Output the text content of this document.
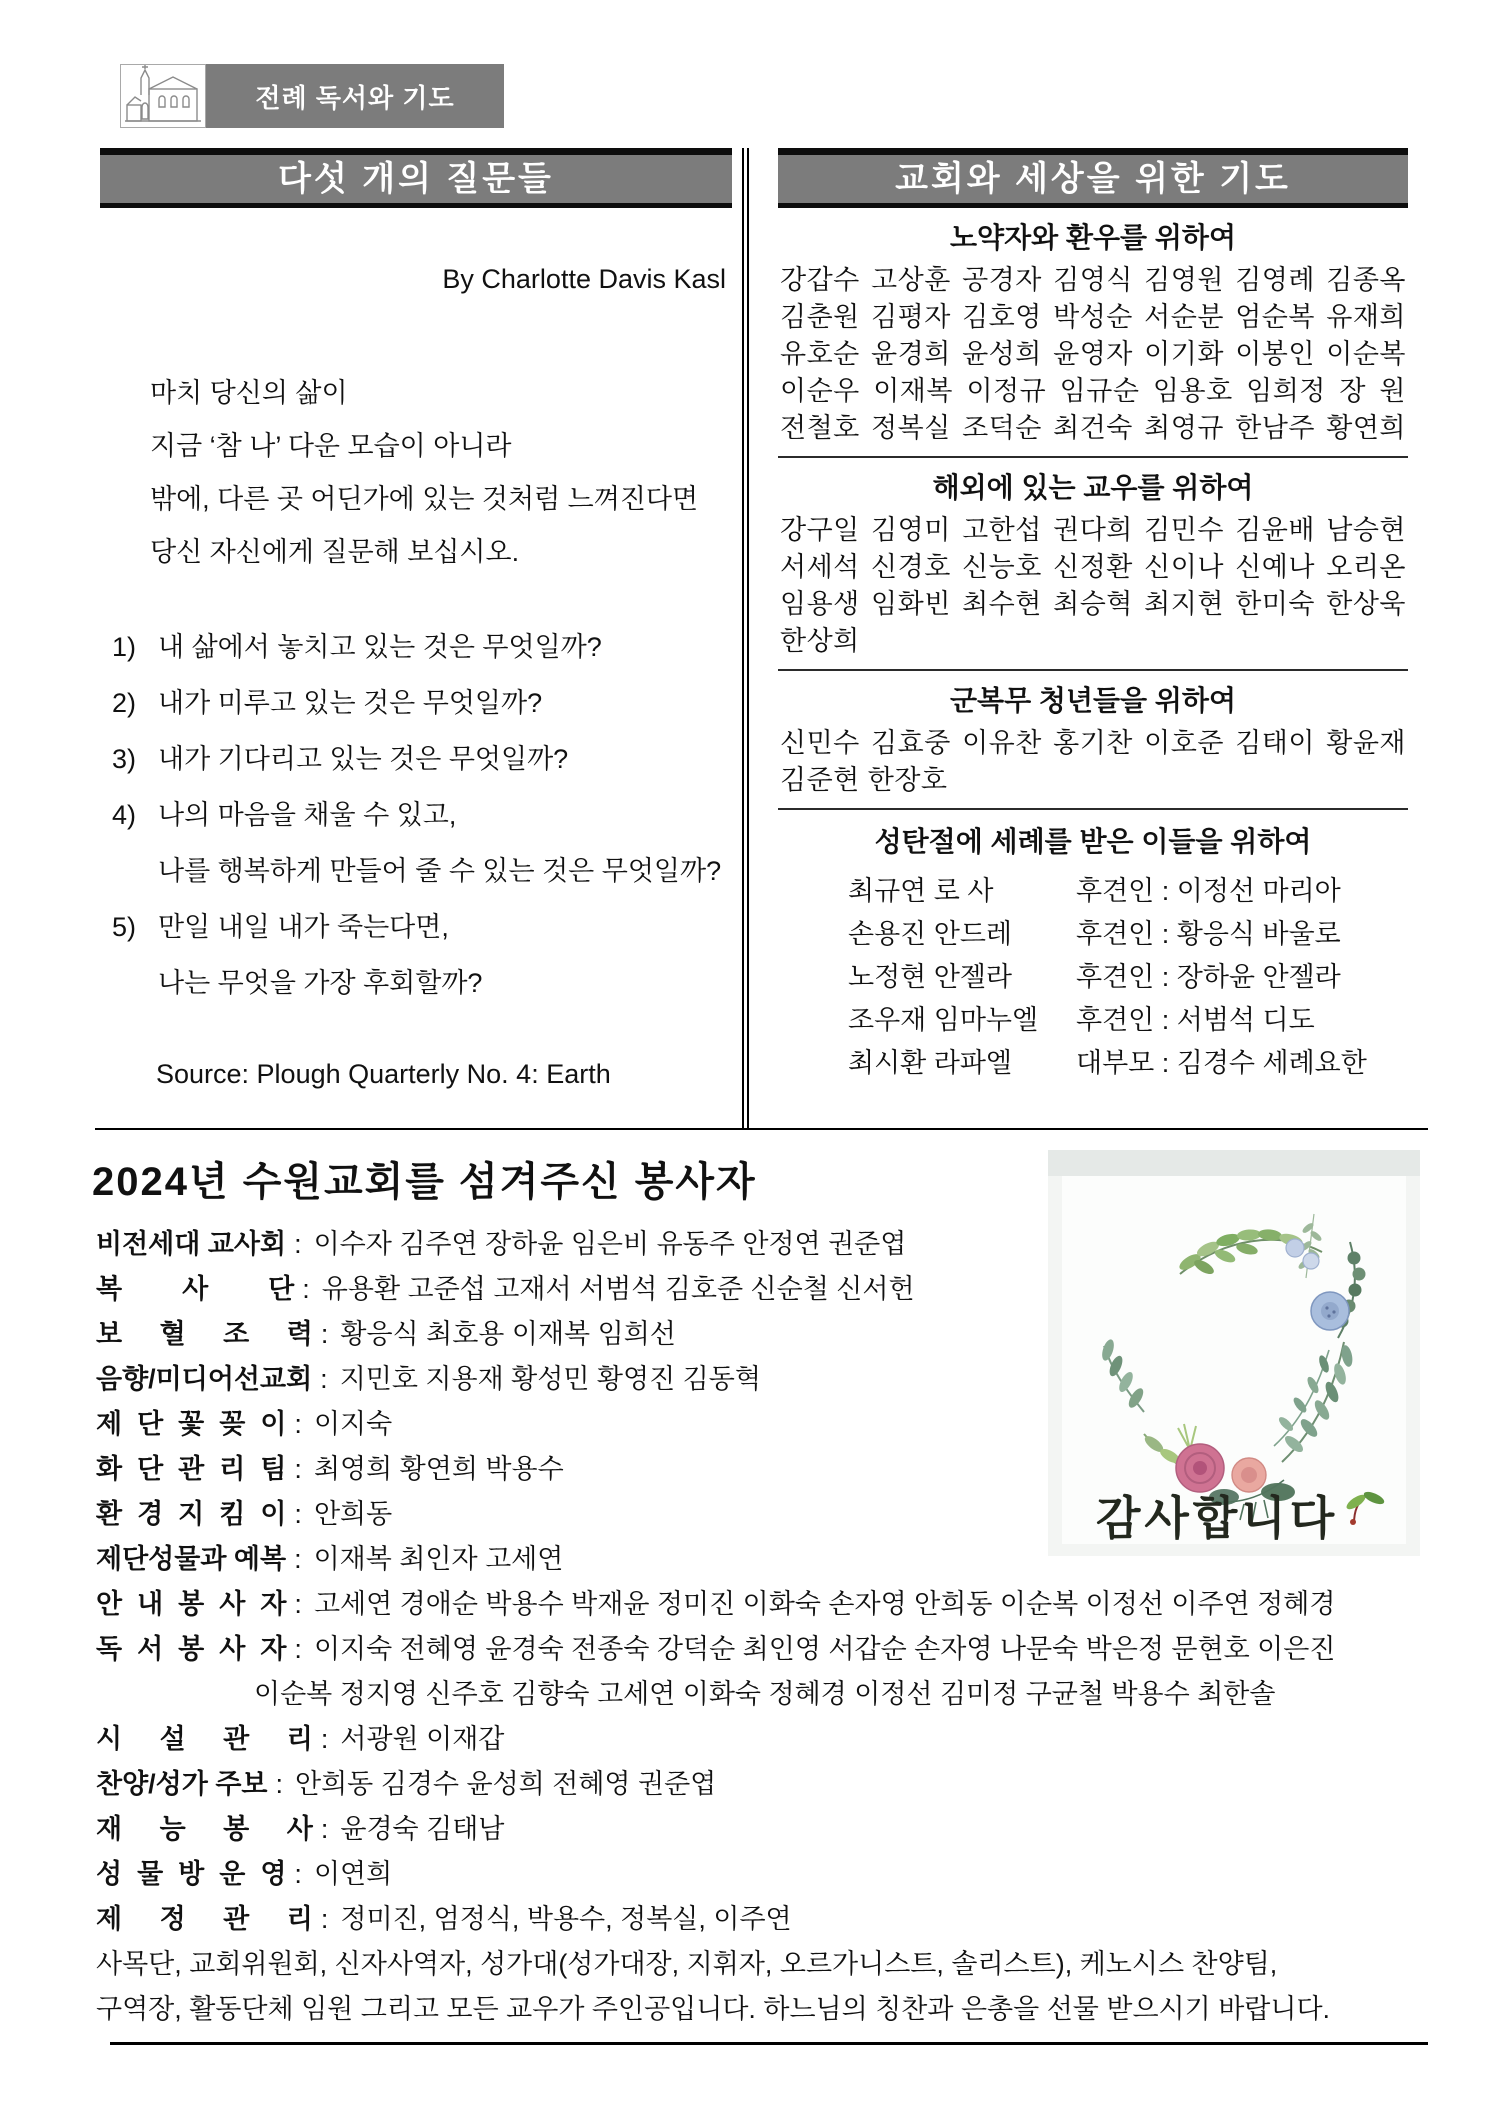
전례 독서와 기도
다섯 개의 질문들
By Charlotte Davis Kasl
마치 당신의 삶이
지금 ‘참 나’ 다운 모습이 아니라
밖에, 다른 곳 어딘가에 있는 것처럼 느껴진다면
당신 자신에게 질문해 보십시오.
1) 내 삶에서 놓치고 있는 것은 무엇일까?
2) 내가 미루고 있는 것은 무엇일까?
3) 내가 기다리고 있는 것은 무엇일까?
4) 나의 마음을 채울 수 있고,
나를 행복하게 만들어 줄 수 있는 것은 무엇일까?
5) 만일 내일 내가 죽는다면,
나는 무엇을 가장 후회할까?
Source: Plough Quarterly No. 4: Earth
교회와 세상을 위한 기도
노약자와 환우를 위하여
강갑수 고상훈 공경자 김영식 김영원 김영례 김종옥
김춘원 김평자 김호영 박성순 서순분 엄순복 유재희
유호순 윤경희 윤성희 윤영자 이기화 이봉인 이순복
이순우 이재복 이정규 임규순 임용호 임희정 장 원
전철호 정복실 조덕순 최건숙 최영규 한남주 황연희
해외에 있는 교우를 위하여
강구일 김영미 고한섭 권다희 김민수 김윤배 남승현
서세석 신경호 신능호 신정환 신이나 신예나 오리온
임용생 임화빈 최수현 최승혁 최지현 한미숙 한상욱
한상희
군복무 청년들을 위하여
신민수 김효중 이유찬 홍기찬 이호준 김태이 황윤재
김준현 한장호
성탄절에 세례를 받은 이들을 위하여
최규연 로 사	후견인 : 이정선 마리아
손용진 안드레	후견인 : 황응식 바울로
노정현 안젤라	후견인 : 장하윤 안젤라
조우재 임마누엘	후견인 : 서범석 디도
최시환 라파엘	대부모 : 김경수 세례요한
2024년 수원교회를 섬겨주신 봉사자
비전세대 교사회 : 이수자 김주연 장하윤 임은비 유동주 안정연 권준엽
복        사        단 : 유용환 고준섭 고재서 서범석 김호준 신순철 신서헌
보     혈     조     력 : 황응식 최호용 이재복 임희선
음향/미디어선교회 : 지민호 지용재 황성민 황영진 김동혁
제  단  꽃  꽂  이 : 이지숙
화  단  관  리  팀 : 최영희 황연희 박용수
환  경  지  킴  이 : 안희동
제단성물과 예복 : 이재복 최인자 고세연
안  내  봉  사  자 : 고세연 경애순 박용수 박재윤 정미진 이화숙 손자영 안희동 이순복 이정선 이주연 정혜경
독  서  봉  사  자 : 이지숙 전혜영 윤경숙 전종숙 강덕순 최인영 서갑순 손자영 나문숙 박은정 문현호 이은진
이순복 정지영 신주호 김향숙 고세연 이화숙 정혜경 이정선 김미정 구균철 박용수 최한솔
시     설     관     리 : 서광원 이재갑
찬양/성가 주보 : 안희동 김경수 윤성희 전혜영 권준엽
재     능     봉     사 : 윤경숙 김태남
성  물  방  운  영 : 이연희
제     정     관     리 : 정미진, 엄정식, 박용수, 정복실, 이주연
사목단, 교회위원회, 신자사역자, 성가대(성가대장, 지휘자, 오르가니스트, 솔리스트), 케노시스 찬양팀,
구역장, 활동단체 임원 그리고 모든 교우가 주인공입니다. 하느님의 칭찬과 은총을 선물 받으시기 바랍니다.
감사합니다
